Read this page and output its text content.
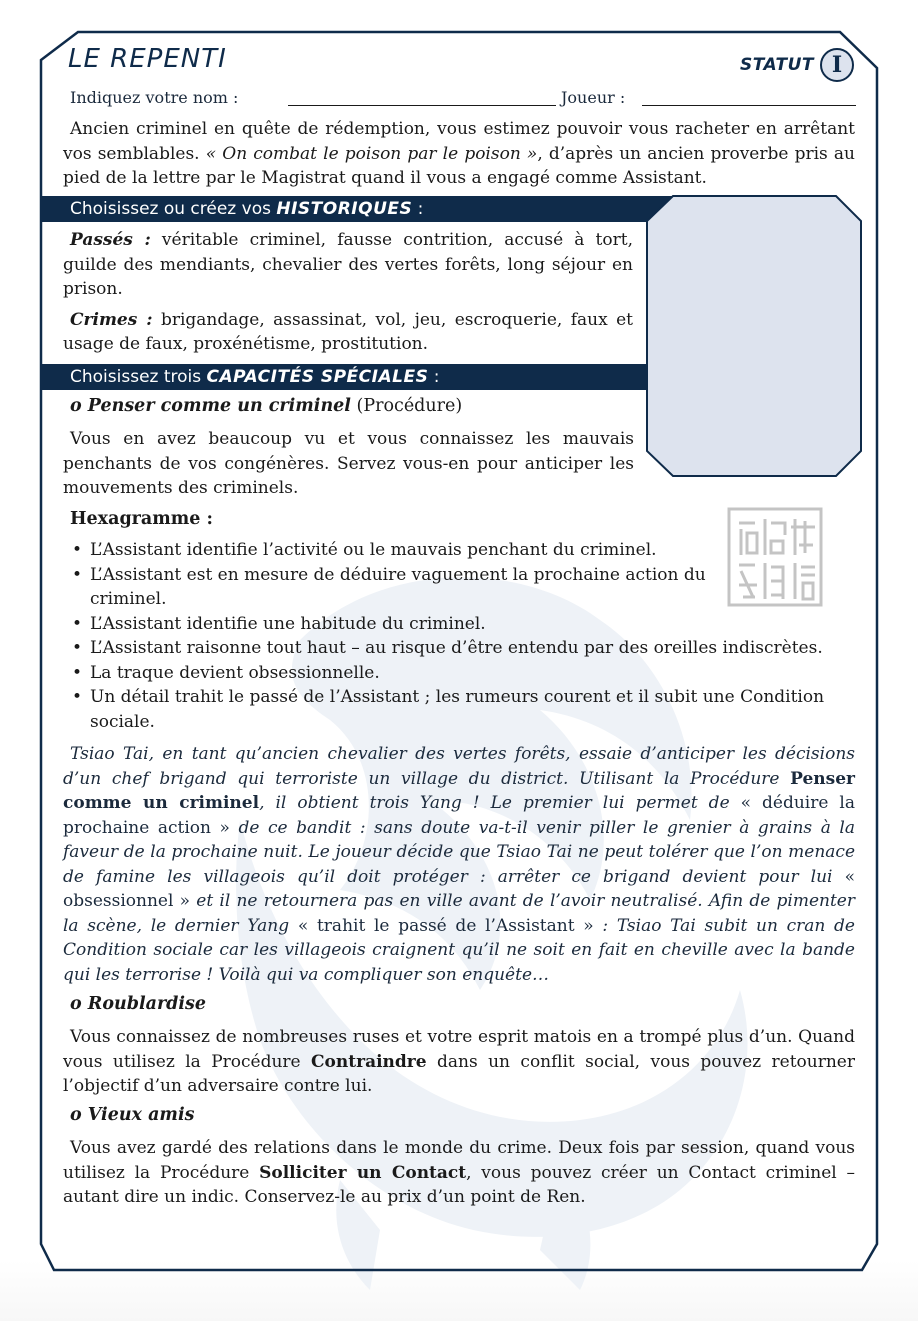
LE REPENTI	STATUT I
Indiquez votre nom :	Joueur :

Ancien criminel en quête de rédemption, vous estimez pouvoir vous racheter en arrêtant vos semblables. « On combat le poison par le poison », d’après un ancien proverbe pris au pied de la lettre par le Magistrat quand il vous a engagé comme Assistant.

Choisissez ou créez vos HISTORIQUES :

Passés : véritable criminel, fausse contrition, accusé à tort, guilde des mendiants, chevalier des vertes forêts, long séjour en prison.

Crimes : brigandage, assassinat, vol, jeu, escroquerie, faux et usage de faux, proxénétisme, prostitution.

Choisissez trois CAPACITÉS SPÉCIALES :
o Penser comme un criminel (Procédure)

Vous en avez beaucoup vu et vous connaissez les mauvais penchants de vos congénères. Servez vous-en pour anticiper les mouvements des criminels.

Hexagramme :
• L’Assistant identifie l’activité ou le mauvais penchant du criminel.
• L’Assistant est en mesure de déduire vaguement la prochaine action du criminel.
• L’Assistant identifie une habitude du criminel.
• L’Assistant raisonne tout haut – au risque d’être entendu par des oreilles indiscrètes.
• La traque devient obsessionnelle.
• Un détail trahit le passé de l’Assistant ; les rumeurs courent et il subit une Condition sociale.

Tsiao Tai, en tant qu’ancien chevalier des vertes forêts, essaie d’anticiper les décisions d’un chef brigand qui terroriste un village du district. Utilisant la Procédure Penser comme un criminel, il obtient trois Yang ! Le premier lui permet de « déduire la prochaine action » de ce bandit : sans doute va-t-il venir piller le grenier à grains à la faveur de la prochaine nuit. Le joueur décide que Tsiao Tai ne peut tolérer que l’on menace de famine les villageois qu’il doit protéger : arrêter ce brigand devient pour lui « obsessionnel » et il ne retournera pas en ville avant de l’avoir neutralisé. Afin de pimenter la scène, le dernier Yang « trahit le passé de l’Assistant » : Tsiao Tai subit un cran de Condition sociale car les villageois craignent qu’il ne soit en fait en cheville avec la bande qui les terrorise ! Voilà qui va compliquer son enquête…

o Roublardise

Vous connaissez de nombreuses ruses et votre esprit matois en a trompé plus d’un. Quand vous utilisez la Procédure Contraindre dans un conflit social, vous pouvez retourner l’objectif d’un adversaire contre lui.

o Vieux amis

Vous avez gardé des relations dans le monde du crime. Deux fois par session, quand vous utilisez la Procédure Solliciter un Contact, vous pouvez créer un Contact criminel – autant dire un indic. Conservez-le au prix d’un point de Ren.
